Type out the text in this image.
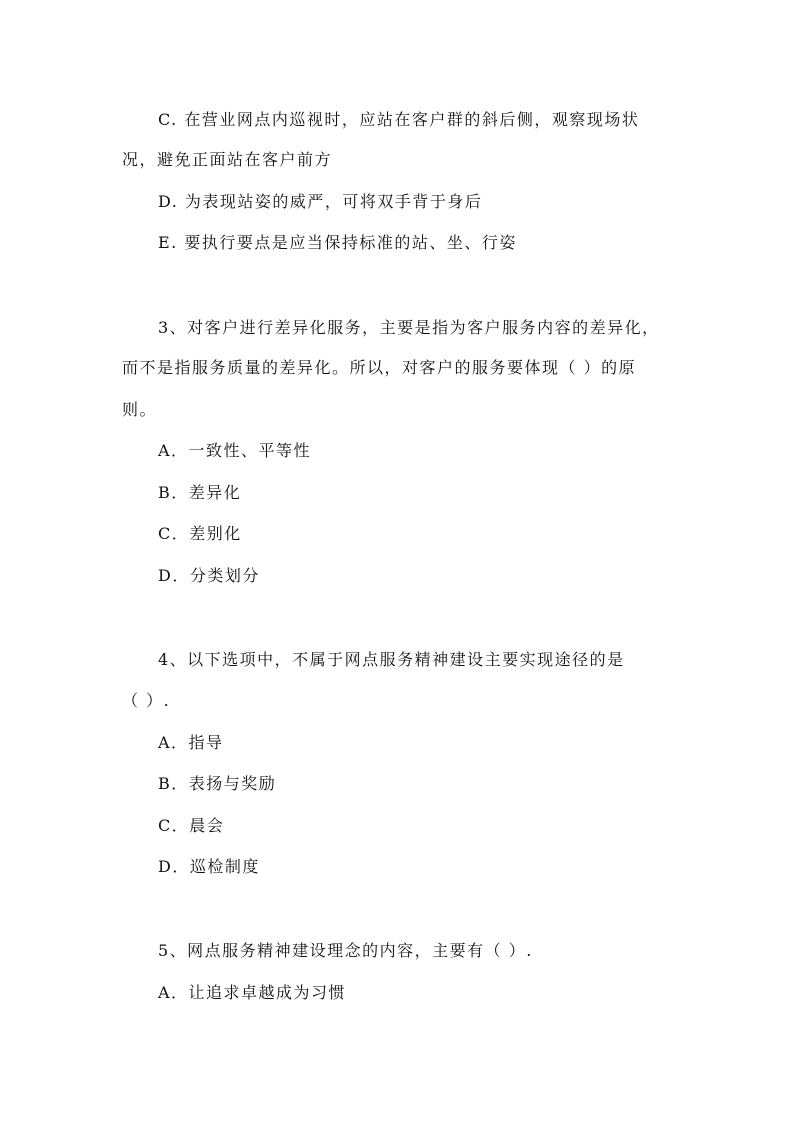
C. 在营业网点内巡视时，应站在客户群的斜后侧，观察现场状
况，避免正面站在客户前方
D. 为表现站姿的威严，可将双手背于身后
E. 要执行要点是应当保持标准的站、坐、行姿
3、对客户进行差异化服务，主要是指为客户服务内容的差异化，
而不是指服务质量的差异化。所以，对客户的服务要体现（ ）的原
则。
A．一致性、平等性
B．差异化
C．差别化
D．分类划分
4、以下选项中，不属于网点服务精神建设主要实现途径的是
（ ）.
A．指导
B．表扬与奖励
C．晨会
D．巡检制度
5、网点服务精神建设理念的内容，主要有（ ）.
A．让追求卓越成为习惯
